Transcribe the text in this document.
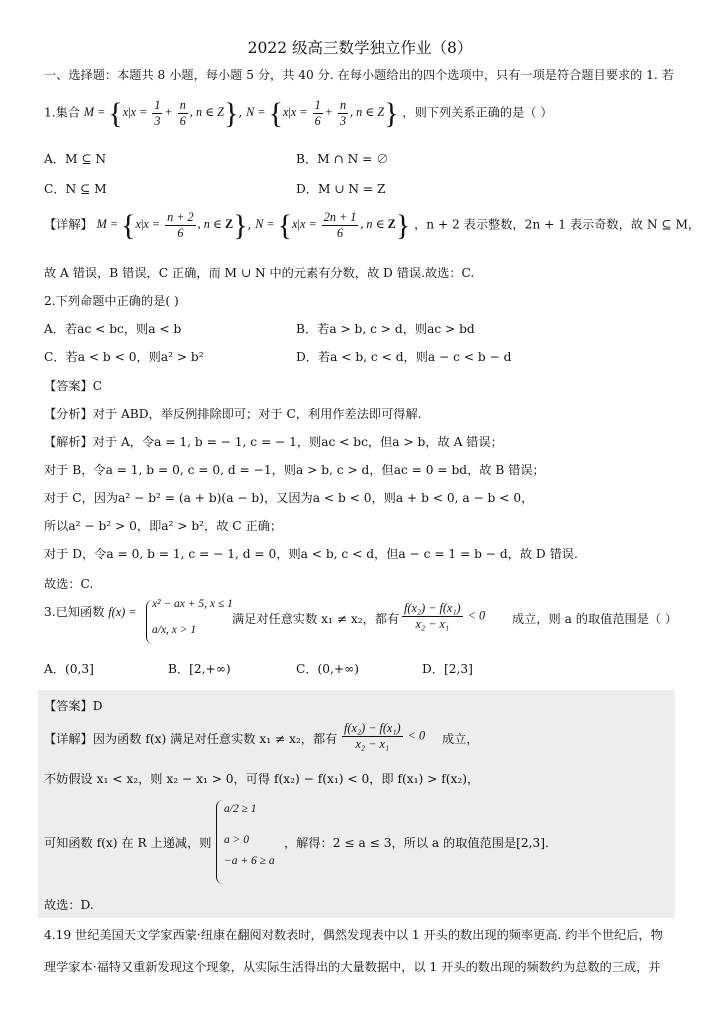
2022 级高三数学独立作业（8）
一、选择题：本题共 8 小题，每小题 5 分，共 40 分. 在每小题给出的四个选项中，只有一项是符合题目要求的 1. 若
1.集合 $M = \{x|x = \frac{1}{3} + \frac{n}{6}$ , n ∈ Z}, $N = \{x|x = \frac{1}{6} + \frac{n}{3}$ , n ∈ Z} ，则下列关系正确的是（ ）
A．M ⊆ N	B．M ∩ N = ∅
C．N ⊆ M	D．M ∪ N = Z
【详解】 $M = \{x|x = \frac{n + 2}{6}$ , n ∈ Z}, $N = \{x|x = \frac{2n + 1}{6}$ , n ∈ Z} ，n + 2 表示整数，2n + 1 表示奇数，故 N ⊆ M，
故 A 错误，B 错误，C 正确，而 M ∪ N 中的元素有分数，故 D 错误.故选：C.
2.下列命题中正确的是( )
A．若ac < bc，则a < b	B．若a > b, c > d，则ac > bd
C．若a < b < 0，则a² > b²	D．若a < b, c < d，则a − c < b − d
【答案】C
【分析】对于 ABD，举反例排除即可；对于 C，利用作差法即可得解.
【解析】对于 A，令a = 1, b = − 1, c = − 1，则ac < bc，但a > b，故 A 错误；
对于 B，令a = 1, b = 0, c = 0, d = −1，则a > b, c > d，但ac = 0 = bd，故 B 错误；
对于 C，因为a² − b² = (a + b)(a − b)，又因为a < b < 0，则a + b < 0, a − b < 0，
所以a² − b² > 0，即a² > b²，故 C 正确；
对于 D，令a = 0, b = 1, c = − 1, d = 0，则a < b, c < d，但a − c = 1 = b − d，故 D 错误.
故选：C.
3.已知函数 f(x) =
x² − ax + 5, x ≤ 1
a/x, x > 1
满足对任意实数 x₁ ≠ x₂，都有 $\frac{\text{f(x₂) − f(x₁)}}{\text{x₂ − x₁}} < 0$ 成立，则 a 的取值范围是（ ）
A．(0,3]	B．[2,+∞)	C．(0,+∞)	D．[2,3]
【答案】D
【详解】因为函数 f(x) 满足对任意实数 x₁ ≠ x₂，都有 $\frac{\text{f(x₂) − f(x₁)}}{\text{x₂ − x₁}} < 0$ 成立，
不妨假设 x₁ < x₂，则 x₂ − x₁ > 0，可得 f(x₂) − f(x₁) < 0，即 f(x₁) > f(x₂)，
可知函数 f(x) 在 R 上递减，则
a/2 ≥ 1
a > 0
−a + 6 ≥ a
，解得：2 ≤ a ≤ 3，所以 a 的取值范围是[2,3].
故选：D.
4.19 世纪美国天文学家西蒙·纽康在翻阅对数表时，偶然发现表中以 1 开头的数出现的频率更高. 约半个世纪后，物
理学家本·福特又重新发现这个现象，从实际生活得出的大量数据中，以 1 开头的数出现的频数约为总数的三成，并
